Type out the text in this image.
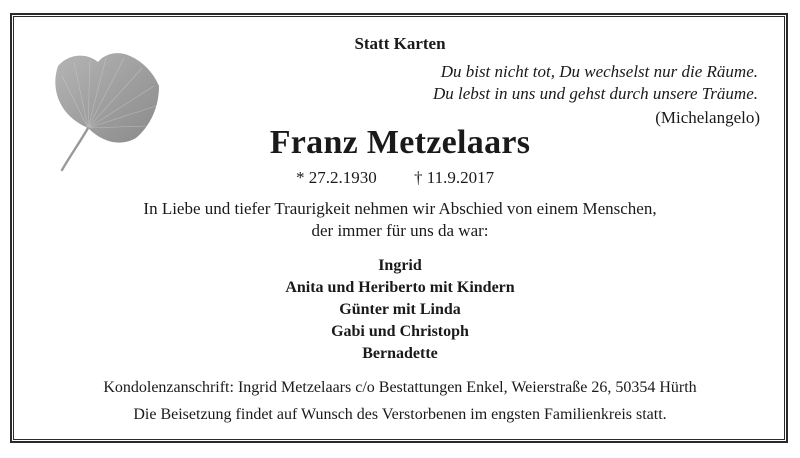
Statt Karten
Du bist nicht tot, Du wechselst nur die Räume.
Du lebst in uns und gehst durch unsere Träume.
(Michelangelo)
Franz Metzelaars
* 27.2.1930 † 11.9.2017
In Liebe und tiefer Traurigkeit nehmen wir Abschied von einem Menschen,
der immer für uns da war:
Ingrid
Anita und Heriberto mit Kindern
Günter mit Linda
Gabi und Christoph
Bernadette
Kondolenzanschrift: Ingrid Metzelaars c/o Bestattungen Enkel, Weierstraße 26, 50354 Hürth
Die Beisetzung findet auf Wunsch des Verstorbenen im engsten Familienkreis statt.
